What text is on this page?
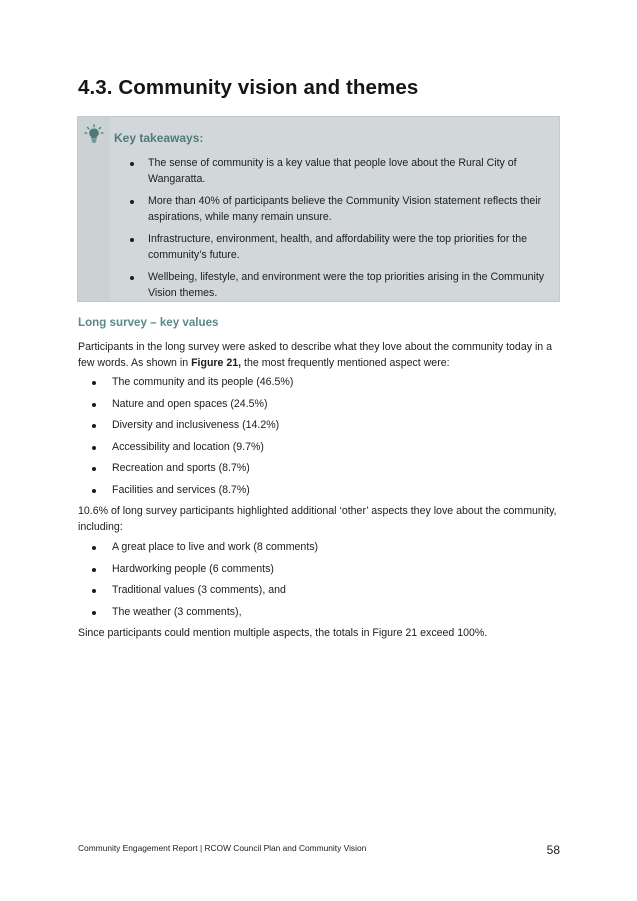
4.3. Community vision and themes

Key takeaways:

The sense of community is a key value that people love about the Rural City of Wangaratta.
More than 40% of participants believe the Community Vision statement reflects their aspirations, while many remain unsure.
Infrastructure, environment, health, and affordability were the top priorities for the community’s future.
Wellbeing, lifestyle, and environment were the top priorities arising in the Community Vision themes.
Long survey – key values

Participants in the long survey were asked to describe what they love about the community today in a few words. As shown in Figure 21, the most frequently mentioned aspect were:

The community and its people (46.5%)
Nature and open spaces (24.5%)
Diversity and inclusiveness (14.2%)
Accessibility and location (9.7%)
Recreation and sports (8.7%)
Facilities and services (8.7%)

10.6% of long survey participants highlighted additional ‘other’ aspects they love about the community, including:

A great place to live and work (8 comments)
Hardworking people (6 comments)
Traditional values (3 comments), and
The weather (3 comments),

Since participants could mention multiple aspects, the totals in Figure 21 exceed 100%.

Community Engagement Report | RCOW Council Plan and Community Vision	58
